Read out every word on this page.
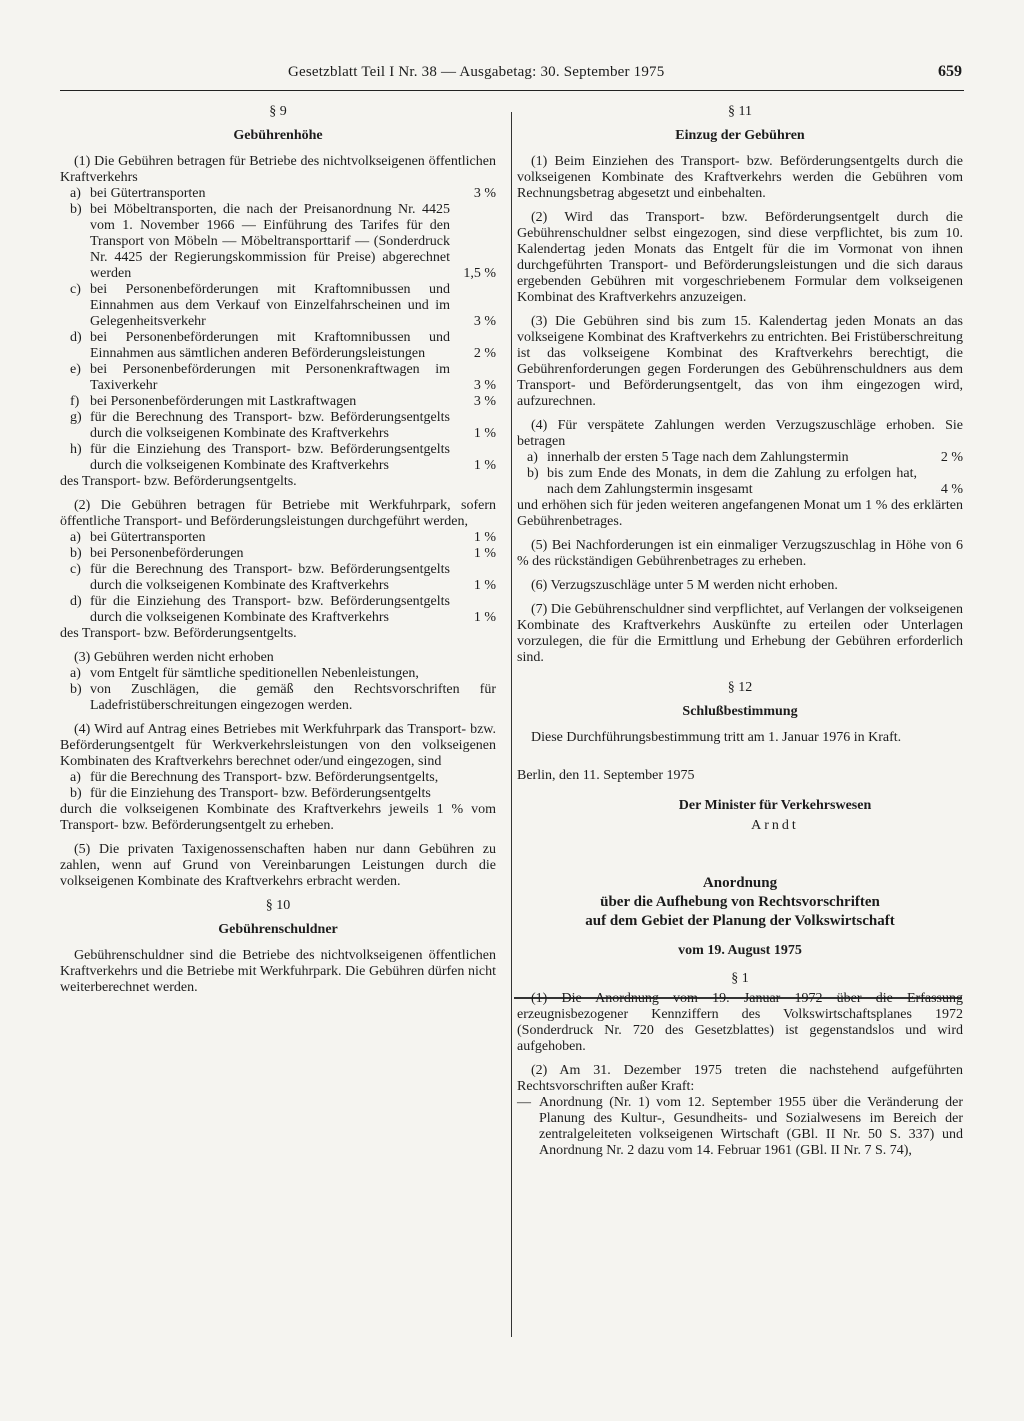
Gesetzblatt Teil I Nr. 38 — Ausgabetag: 30. September 1975	659
§ 9
Gebührenhöhe

(1) Die Gebühren betragen für Betriebe des nichtvolkseigenen öffentlichen Kraftverkehrs

a) bei Gütertransporten	3 %
b) bei Möbeltransporten, die nach der Preisanordnung Nr. 4425 vom 1. November 1966 — Einführung des Tarifes für den Transport von Möbeln — Möbeltransporttarif — (Sonderdruck Nr. 4425 der Regierungskommission für Preise) abgerechnet werden	1,5 %
c) bei Personenbeförderungen mit Kraftomnibussen und Einnahmen aus dem Verkauf von Einzelfahrscheinen und im Gelegenheitsverkehr	3 %
d) bei Personenbeförderungen mit Kraftomnibussen und Einnahmen aus sämtlichen anderen Beförderungsleistungen	2 %
e) bei Personenbeförderungen mit Personenkraftwagen im Taxiverkehr	3 %
f) bei Personenbeförderungen mit Lastkraftwagen	3 %
g) für die Berechnung des Transport- bzw. Beförderungsentgelts durch die volkseigenen Kombinate des Kraftverkehrs	1 %
h) für die Einziehung des Transport- bzw. Beförderungsentgelts durch die volkseigenen Kombinate des Kraftverkehrs	1 %

des Transport- bzw. Beförderungsentgelts.

(2) Die Gebühren betragen für Betriebe mit Werkfuhrpark, sofern öffentliche Transport- und Beförderungsleistungen durchgeführt werden,

a) bei Gütertransporten	1 %
b) bei Personenbeförderungen	1 %
c) für die Berechnung des Transport- bzw. Beförderungsentgelts durch die volkseigenen Kombinate des Kraftverkehrs	1 %
d) für die Einziehung des Transport- bzw. Beförderungsentgelts durch die volkseigenen Kombinate des Kraftverkehrs	1 %

des Transport- bzw. Beförderungsentgelts.

(3) Gebühren werden nicht erhoben

a) vom Entgelt für sämtliche speditionellen Nebenleistungen,
b) von Zuschlägen, die gemäß den Rechtsvorschriften für Ladefristüberschreitungen eingezogen werden.

(4) Wird auf Antrag eines Betriebes mit Werkfuhrpark das Transport- bzw. Beförderungsentgelt für Werkverkehrsleistungen von den volkseigenen Kombinaten des Kraftverkehrs berechnet oder/und eingezogen, sind

a) für die Berechnung des Transport- bzw. Beförderungsentgelts,
b) für die Einziehung des Transport- bzw. Beförderungsentgelts

durch die volkseigenen Kombinate des Kraftverkehrs jeweils 1 % vom Transport- bzw. Beförderungsentgelt zu erheben.

(5) Die privaten Taxigenossenschaften haben nur dann Gebühren zu zahlen, wenn auf Grund von Vereinbarungen Leistungen durch die volkseigenen Kombinate des Kraftverkehrs erbracht werden.

§ 10
Gebührenschuldner

Gebührenschuldner sind die Betriebe des nichtvolkseigenen öffentlichen Kraftverkehrs und die Betriebe mit Werkfuhrpark. Die Gebühren dürfen nicht weiterberechnet werden.

§ 11
Einzug der Gebühren

(1) Beim Einziehen des Transport- bzw. Beförderungsentgelts durch die volkseigenen Kombinate des Kraftverkehrs werden die Gebühren vom Rechnungsbetrag abgesetzt und einbehalten.

(2) Wird das Transport- bzw. Beförderungsentgelt durch die Gebührenschuldner selbst eingezogen, sind diese verpflichtet, bis zum 10. Kalendertag jeden Monats das Entgelt für die im Vormonat von ihnen durchgeführten Transport- und Beförderungsleistungen und die sich daraus ergebenden Gebühren mit vorgeschriebenem Formular dem volkseigenen Kombinat des Kraftverkehrs anzuzeigen.

(3) Die Gebühren sind bis zum 15. Kalendertag jeden Monats an das volkseigene Kombinat des Kraftverkehrs zu entrichten. Bei Fristüberschreitung ist das volkseigene Kombinat des Kraftverkehrs berechtigt, die Gebührenforderungen gegen Forderungen des Gebührenschuldners aus dem Transport- und Beförderungsentgelt, das von ihm eingezogen wird, aufzurechnen.

(4) Für verspätete Zahlungen werden Verzugszuschläge erhoben. Sie betragen

a) innerhalb der ersten 5 Tage nach dem Zahlungstermin	2 %
b) bis zum Ende des Monats, in dem die Zahlung zu erfolgen hat, nach dem Zahlungstermin insgesamt	4 %

und erhöhen sich für jeden weiteren angefangenen Monat um 1 % des erklärten Gebührenbetrages.

(5) Bei Nachforderungen ist ein einmaliger Verzugszuschlag in Höhe von 6 % des rückständigen Gebührenbetrages zu erheben.

(6) Verzugszuschläge unter 5 M werden nicht erhoben.

(7) Die Gebührenschuldner sind verpflichtet, auf Verlangen der volkseigenen Kombinate des Kraftverkehrs Auskünfte zu erteilen oder Unterlagen vorzulegen, die für die Ermittlung und Erhebung der Gebühren erforderlich sind.

§ 12
Schlußbestimmung

Diese Durchführungsbestimmung tritt am 1. Januar 1976 in Kraft.

Berlin, den 11. September 1975

Der Minister für Verkehrswesen

Arndt

Anordnung

über die Aufhebung von Rechtsvorschriften

auf dem Gebiet der Planung der Volkswirtschaft

vom 19. August 1975

§ 1

(1) Die Anordnung vom 19. Januar 1972 über die Erfassung erzeugnisbezogener Kennziffern des Volkswirtschaftsplanes 1972 (Sonderdruck Nr. 720 des Gesetzblattes) ist gegenstandslos und wird aufgehoben.

(2) Am 31. Dezember 1975 treten die nachstehend aufgeführten Rechtsvorschriften außer Kraft:

— Anordnung (Nr. 1) vom 12. September 1955 über die Veränderung der Planung des Kultur-, Gesundheits- und Sozialwesens im Bereich der zentralgeleiteten volkseigenen Wirtschaft (GBl. II Nr. 50 S. 337) und Anordnung Nr. 2 dazu vom 14. Februar 1961 (GBl. II Nr. 7 S. 74),
